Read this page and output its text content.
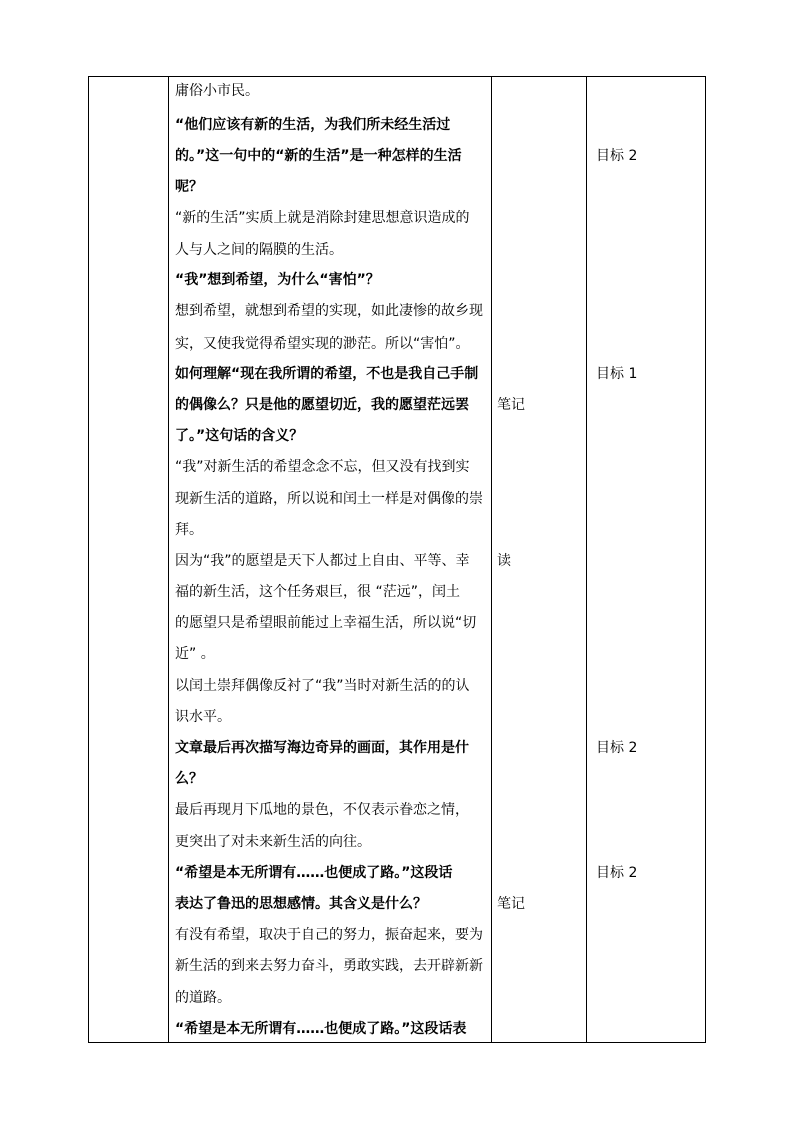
庸俗小市民。
“他们应该有新的生活，为我们所未经生活过
的。”这一句中的“新的生活”是一种怎样的生活
呢？
“新的生活”实质上就是消除封建思想意识造成的
人与人之间的隔膜的生活。
“我”想到希望，为什么“害怕”？
想到希望，就想到希望的实现，如此凄惨的故乡现
实，又使我觉得希望实现的渺茫。所以“害怕”。
如何理解“现在我所谓的希望，不也是我自己手制
的偶像么？只是他的愿望切近，我的愿望茫远罢
了。”这句话的含义？
“我”对新生活的希望念念不忘，但又没有找到实
现新生活的道路，所以说和闰土一样是对偶像的崇
拜。
因为“我”的愿望是天下人都过上自由、平等、幸
福的新生活，这个任务艰巨，很 “茫远”，闰土
的愿望只是希望眼前能过上幸福生活，所以说“切
近” 。
以闰土崇拜偶像反衬了“我”当时对新生活的的认
识水平。
文章最后再次描写海边奇异的画面，其作用是什
么？
最后再现月下瓜地的景色，不仅表示眷恋之情，
更突出了对未来新生活的向往。
“希望是本无所谓有……也便成了路。”这段话
表达了鲁迅的思想感情。其含义是什么？
有没有希望，取决于自己的努力，振奋起来，要为
新生活的到来去努力奋斗，勇敢实践，去开辟新新
的道路。
“希望是本无所谓有……也便成了路。”这段话表
笔记
读
笔记
目标 2
目标 1
目标 2
目标 2
